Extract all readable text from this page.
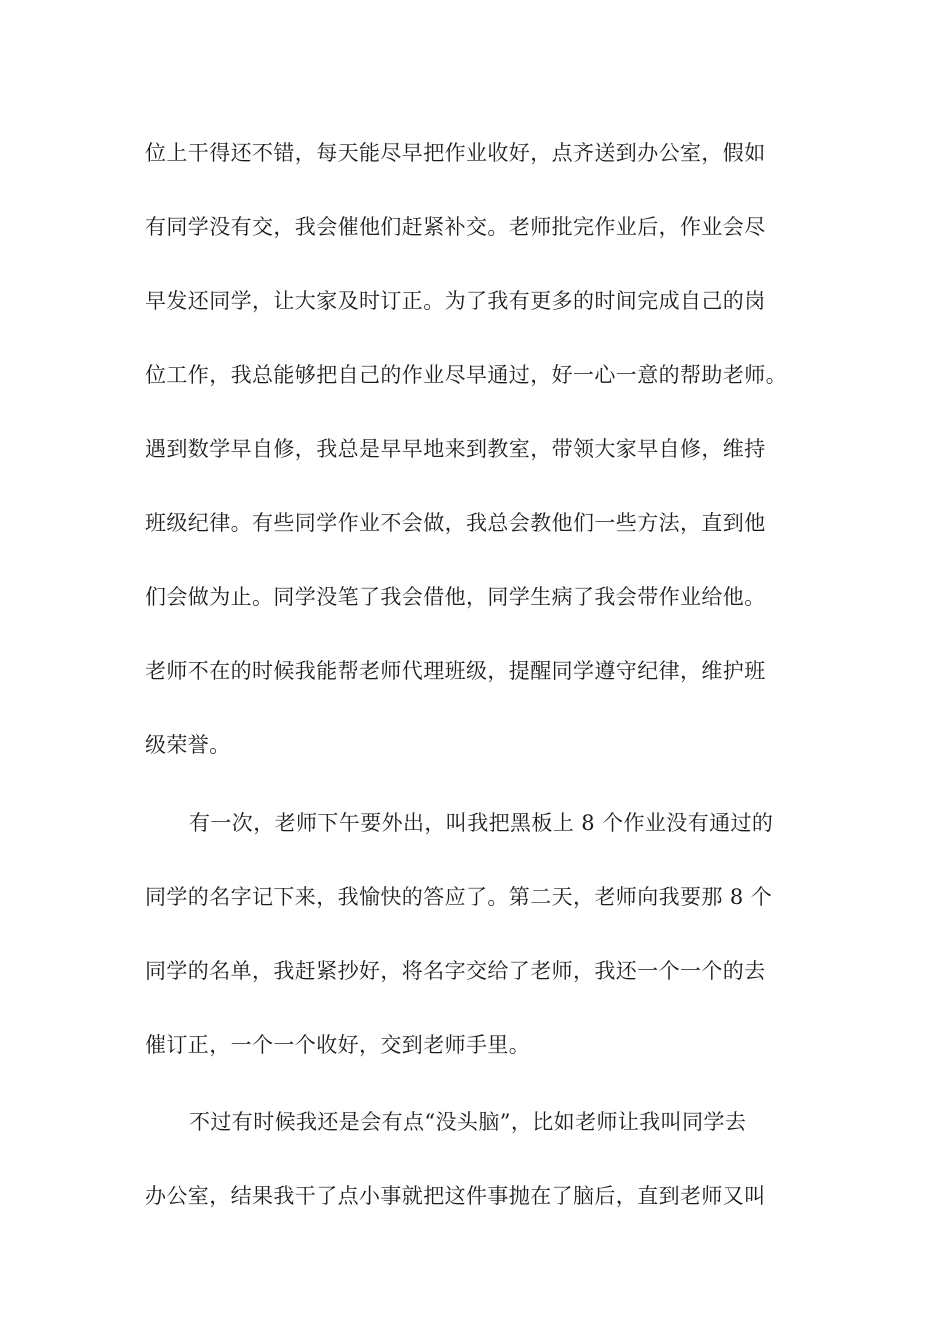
位上干得还不错，每天能尽早把作业收好，点齐送到办公室，假如
有同学没有交，我会催他们赶紧补交。老师批完作业后，作业会尽
早发还同学，让大家及时订正。为了我有更多的时间完成自己的岗
位工作，我总能够把自己的作业尽早通过，好一心一意的帮助老师。
遇到数学早自修，我总是早早地来到教室，带领大家早自修，维持
班级纪律。有些同学作业不会做，我总会教他们一些方法，直到他
们会做为止。同学没笔了我会借他，同学生病了我会带作业给他。
老师不在的时候我能帮老师代理班级，提醒同学遵守纪律，维护班
级荣誉。
有一次，老师下午要外出，叫我把黑板上 8 个作业没有通过的
同学的名字记下来，我愉快的答应了。第二天，老师向我要那 8 个
同学的名单，我赶紧抄好，将名字交给了老师，我还一个一个的去
催订正，一个一个收好，交到老师手里。
不过有时候我还是会有点“没头脑”，比如老师让我叫同学去
办公室，结果我干了点小事就把这件事抛在了脑后，直到老师又叫
